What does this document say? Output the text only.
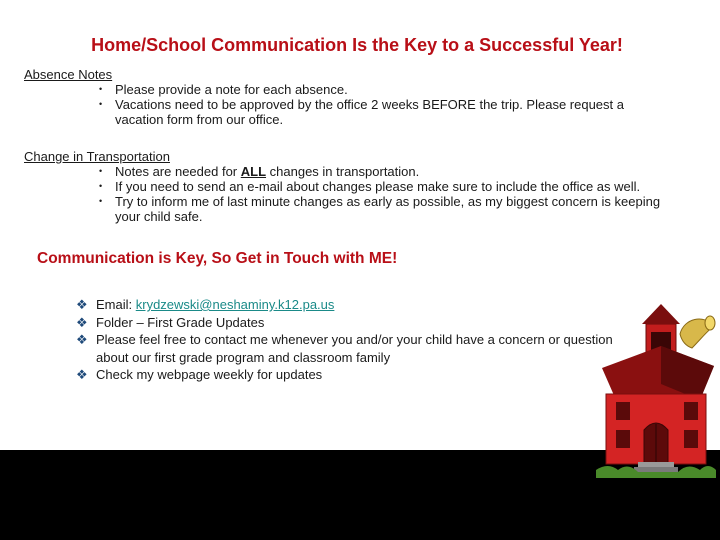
Home/School Communication Is the Key to a Successful Year!
Absence Notes
• Please provide a note for each absence.
• Vacations need to be approved by the office 2 weeks BEFORE the trip. Please request a vacation form from our office.
Change in Transportation
• Notes are needed for ALL changes in transportation.
• If you need to send an e-mail about changes please make sure to include the office as well.
• Try to inform me of last minute changes as early as possible, as my biggest concern is keeping your child safe.
Communication is Key, So Get in Touch with ME!
❖ Email: krydzewski@neshaminy.k12.pa.us
❖ Folder – First Grade Updates
❖ Please feel free to contact me whenever you and/or your child have a concern or question about our first grade program and classroom family
❖ Check my webpage weekly for updates
